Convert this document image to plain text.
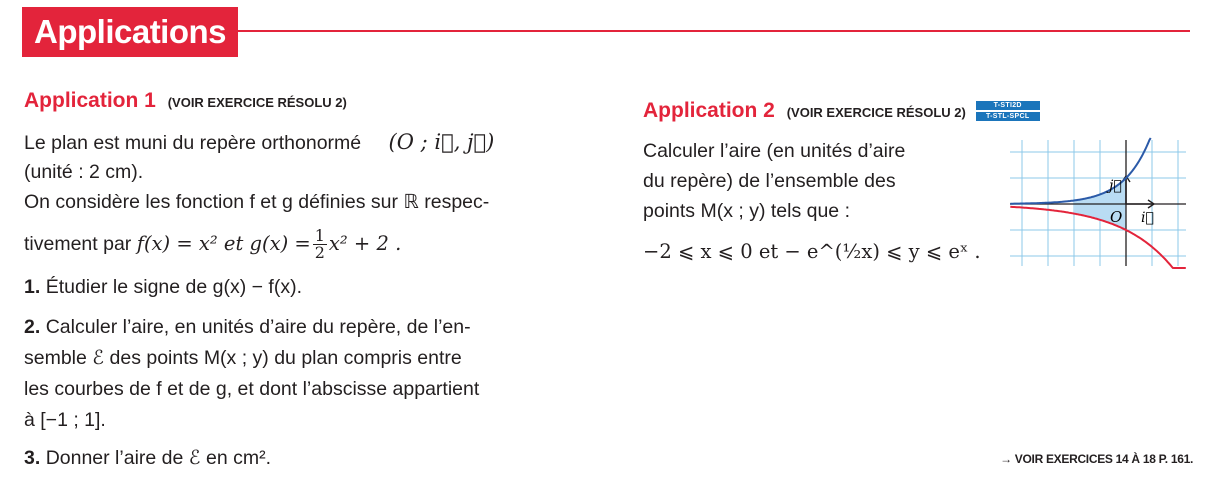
Applications
Application 1 (VOIR EXERCICE RÉSOLU 2)
Le plan est muni du repère orthonormé (O ; i⃗, j⃗)
(unité : 2 cm).
On considère les fonction f et g définies sur ℝ respec-
tivement par f(x) = x² et $g(x) = \frac{1}{2} x^2 + 2$ .
1. Étudier le signe de g(x) − f(x).
2. Calculer l’aire, en unités d’aire du repère, de l’en-
semble ℰ des points M(x ; y) du plan compris entre
les courbes de f et de g, et dont l’abscisse appartient
à [−1 ; 1].
3. Donner l’aire de ℰ en cm².
Application 2 (VOIR EXERCICE RÉSOLU 2)	T-STI2D
T-STL-SPCL
Calculer l’aire (en unités d’aire
du repère) de l’ensemble des
points M(x ; y) tels que :
−2 ⩽ x ⩽ 0 et − e^(½x) ⩽ y ⩽ eˣ .
O
j⃗
i⃗
→ VOIR EXERCICES 14 À 18 P. 161.
